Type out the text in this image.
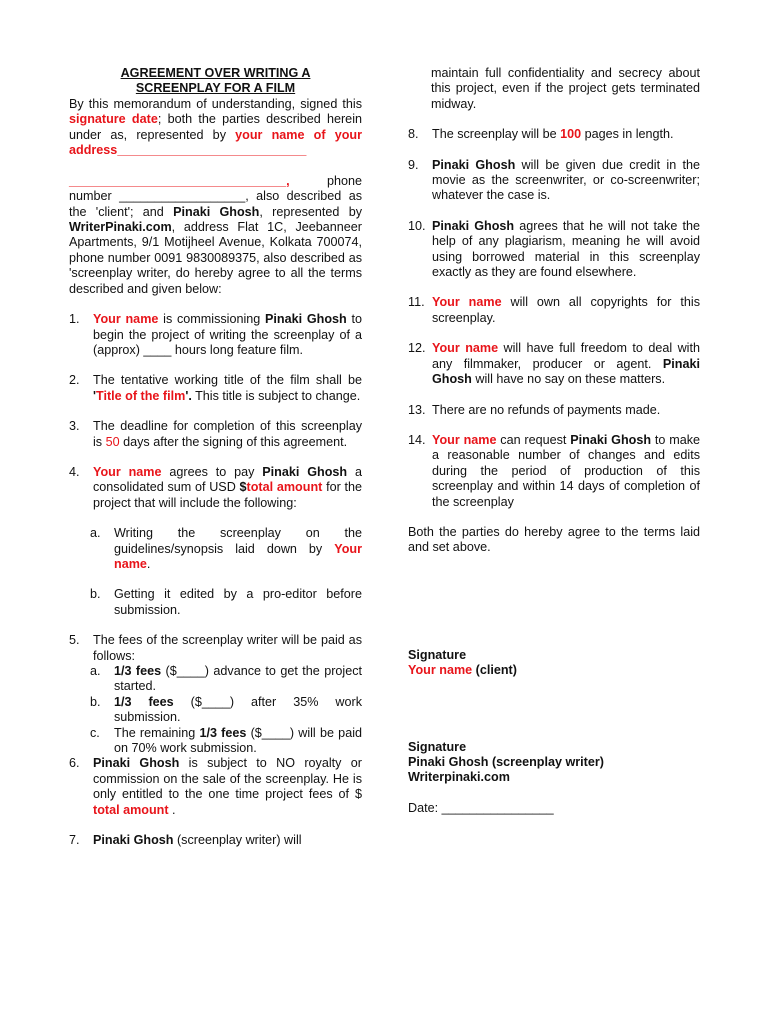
AGREEMENT OVER WRITING A
SCREENPLAY FOR A FILM

By this memorandum of understanding, signed this signature date; both the parties described herein under as, represented by your name of your address___________________________

_______________________________, phone number __________________, also described as the 'client'; and Pinaki Ghosh, represented by WriterPinaki.com, address Flat 1C, Jeebanneer Apartments, 9/1 Motijheel Avenue, Kolkata 700074, phone number 0091 9830089375, also described as 'screenplay writer, do hereby agree to all the terms described and given below:

1. Your name is commissioning Pinaki Ghosh to begin the project of writing the screenplay of a (approx) ____ hours long feature film.
2. The tentative working title of the film shall be 'Title of the film'. This title is subject to change.
3. The deadline for completion of this screenplay is 50 days after the signing of this agreement.
4. Your name agrees to pay Pinaki Ghosh a consolidated sum of USD $total amount for the project that will include the following:
a. Writing the screenplay on the guidelines/synopsis laid down by Your name.
b. Getting it edited by a pro-editor before submission.
5. The fees of the screenplay writer will be paid as follows:
a. 1/3 fees ($____) advance to get the project started.
b. 1/3 fees ($____) after 35% work submission.
c. The remaining 1/3 fees ($____) will be paid on 70% work submission.
6. Pinaki Ghosh is subject to NO royalty or commission on the sale of the screenplay. He is only entitled to the one time project fees of $ total amount .
7. Pinaki Ghosh (screenplay writer) will
maintain full confidentiality and secrecy about this project, even if the project gets terminated midway.
8. The screenplay will be 100 pages in length.
9. Pinaki Ghosh will be given due credit in the movie as the screenwriter, or co-screenwriter; whatever the case is.
10. Pinaki Ghosh agrees that he will not take the help of any plagiarism, meaning he will avoid using borrowed material in this screenplay exactly as they are found elsewhere.
11. Your name will own all copyrights for this screenplay.
12. Your name will have full freedom to deal with any filmmaker, producer or agent. Pinaki Ghosh will have no say on these matters.
13. There are no refunds of payments made.
14. Your name can request Pinaki Ghosh to make a reasonable number of changes and edits during the period of production of this screenplay and within 14 days of completion of the screenplay

Both the parties do hereby agree to the terms laid and set above.

Signature

Your name (client)

Signature

Pinaki Ghosh (screenplay writer)

Writerpinaki.com

Date: ________________
